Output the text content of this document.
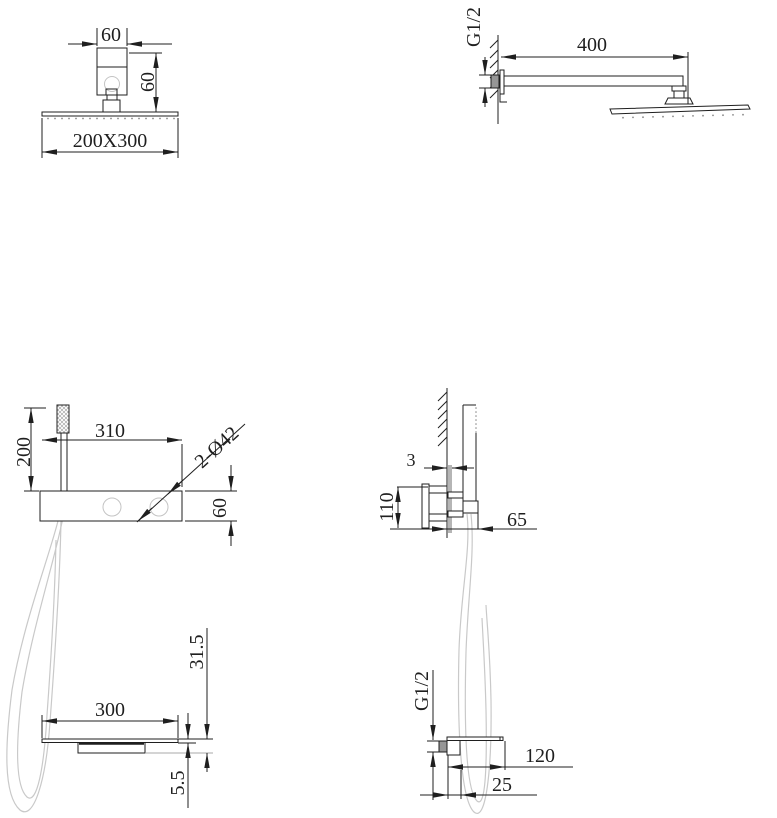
60
60
200X300
G1/2	400
200
310
60
2-Ø42	3
110	65
300
31.5
5.5
G1/2
120
25
